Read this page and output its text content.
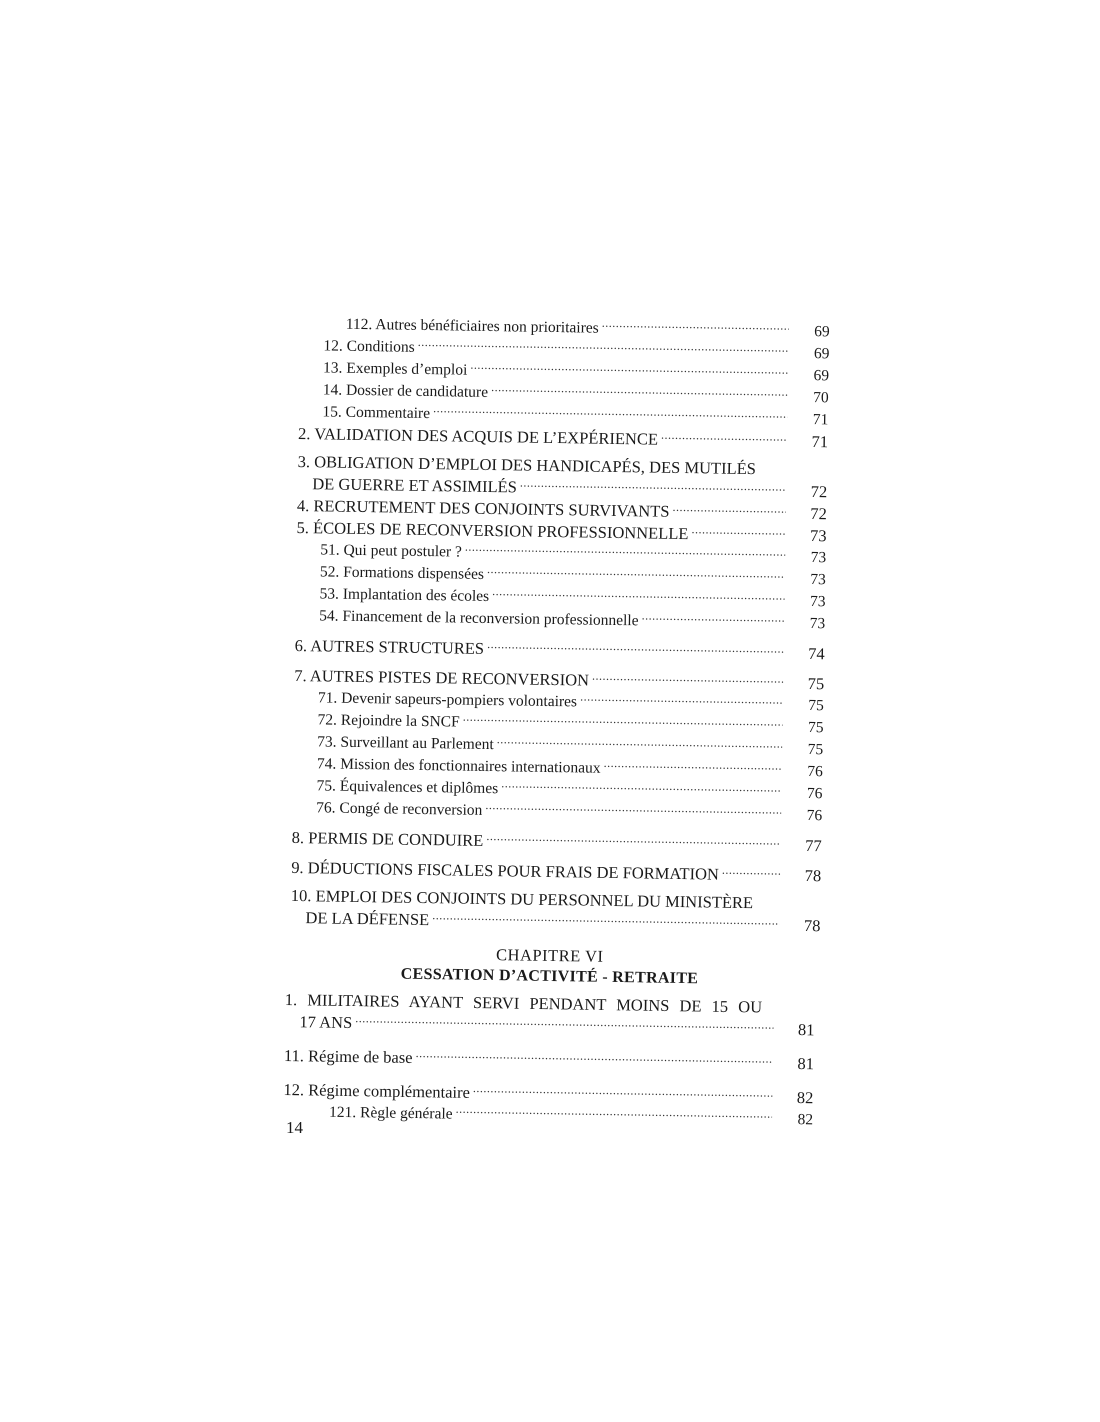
112. Autres bénéficiaires non prioritaires .....	69
12. Conditions .....	69
13. Exemples d’emploi .....	69
14. Dossier de candidature .....	70
15. Commentaire .....	71
2. VALIDATION DES ACQUIS DE L’EXPÉRIENCE .....	71
3. OBLIGATION D’EMPLOI DES HANDICAPÉS, DES MUTILÉS
DE GUERRE ET ASSIMILÉS .....	72
4. RECRUTEMENT DES CONJOINTS SURVIVANTS .....	72
5. ÉCOLES DE RECONVERSION PROFESSIONNELLE .....	73
51. Qui peut postuler ? .....	73
52. Formations dispensées .....	73
53. Implantation des écoles .....	73
54. Financement de la reconversion professionnelle .....	73
6. AUTRES STRUCTURES .....	74
7. AUTRES PISTES DE RECONVERSION .....	75
71. Devenir sapeurs-pompiers volontaires .....	75
72. Rejoindre la SNCF .....	75
73. Surveillant au Parlement .....	75
74. Mission des fonctionnaires internationaux .....	76
75. Équivalences et diplômes .....	76
76. Congé de reconversion .....	76
8. PERMIS DE CONDUIRE .....	77
9. DÉDUCTIONS FISCALES POUR FRAIS DE FORMATION .....	78
10. EMPLOI DES CONJOINTS DU PERSONNEL DU MINISTÈRE
DE LA DÉFENSE .....	78
CHAPITRE VI
CESSATION D’ACTIVITÉ - RETRAITE
1. MILITAIRES AYANT SERVI PENDANT MOINS DE 15 OU
17 ANS .....	81
11. Régime de base .....	81
12. Régime complémentaire .....	82
121. Règle générale .....	82
14
